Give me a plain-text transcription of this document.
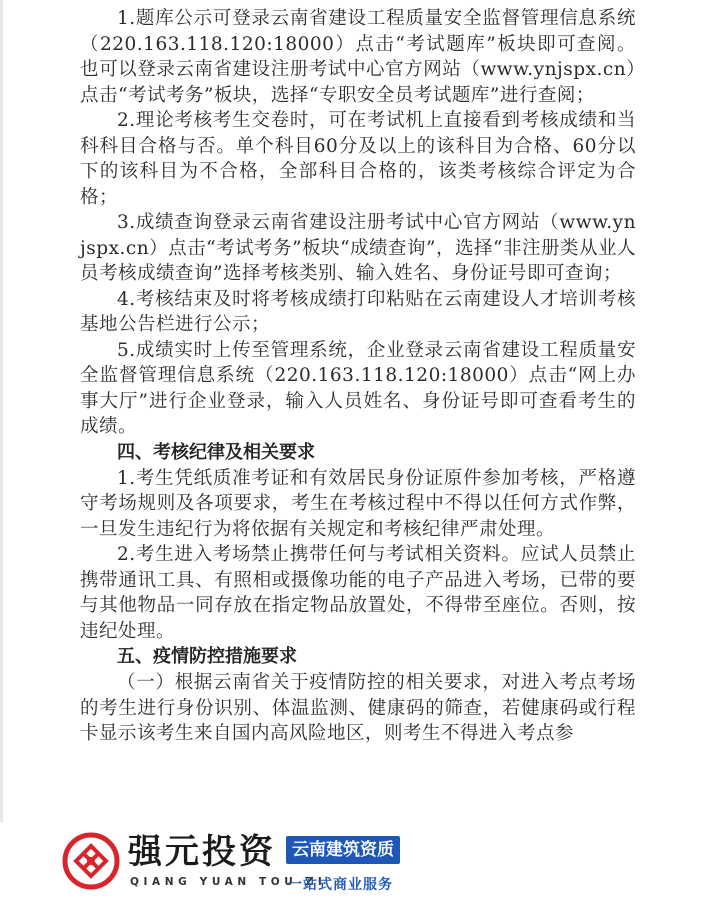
1.题库公示可登录云南省建设工程质量安全监督管理信息系统（220.163.118.120:18000）点击“考试题库”板块即可查阅。也可以登录云南省建设注册考试中心官方网站（www.ynjspx.cn）点击“考试考务”板块，选择“专职安全员考试题库”进行查阅；
2.理论考核考生交卷时，可在考试机上直接看到考核成绩和当科科目合格与否。单个科目60分及以上的该科目为合格、60分以下的该科目为不合格，全部科目合格的，该类考核综合评定为合格；
3.成绩查询登录云南省建设注册考试中心官方网站（www.ynjspx.cn）点击“考试考务”板块“成绩查询”，选择“非注册类从业人员考核成绩查询”选择考核类别、输入姓名、身份证号即可查询；
4.考核结束及时将考核成绩打印粘贴在云南建设人才培训考核基地公告栏进行公示；
5.成绩实时上传至管理系统，企业登录云南省建设工程质量安全监督管理信息系统（220.163.118.120:18000）点击“网上办事大厅”进行企业登录，输入人员姓名、身份证号即可查看考生的成绩。
四、考核纪律及相关要求
1.考生凭纸质准考证和有效居民身份证原件参加考核，严格遵守考场规则及各项要求，考生在考核过程中不得以任何方式作弊，一旦发生违纪行为将依据有关规定和考核纪律严肃处理。
2.考生进入考场禁止携带任何与考试相关资料。应试人员禁止携带通讯工具、有照相或摄像功能的电子产品进入考场，已带的要与其他物品一同存放在指定物品放置处，不得带至座位。否则，按违纪处理。
五、疫情防控措施要求
（一）根据云南省关于疫情防控的相关要求，对进入考点考场的考生进行身份识别、体温监测、健康码的筛查，若健康码或行程卡显示该考生来自国内高风险地区，则考生不得进入考点参
强元投资
QIANG YUAN TOU ZI
云南建筑资质
一站式商业服务
